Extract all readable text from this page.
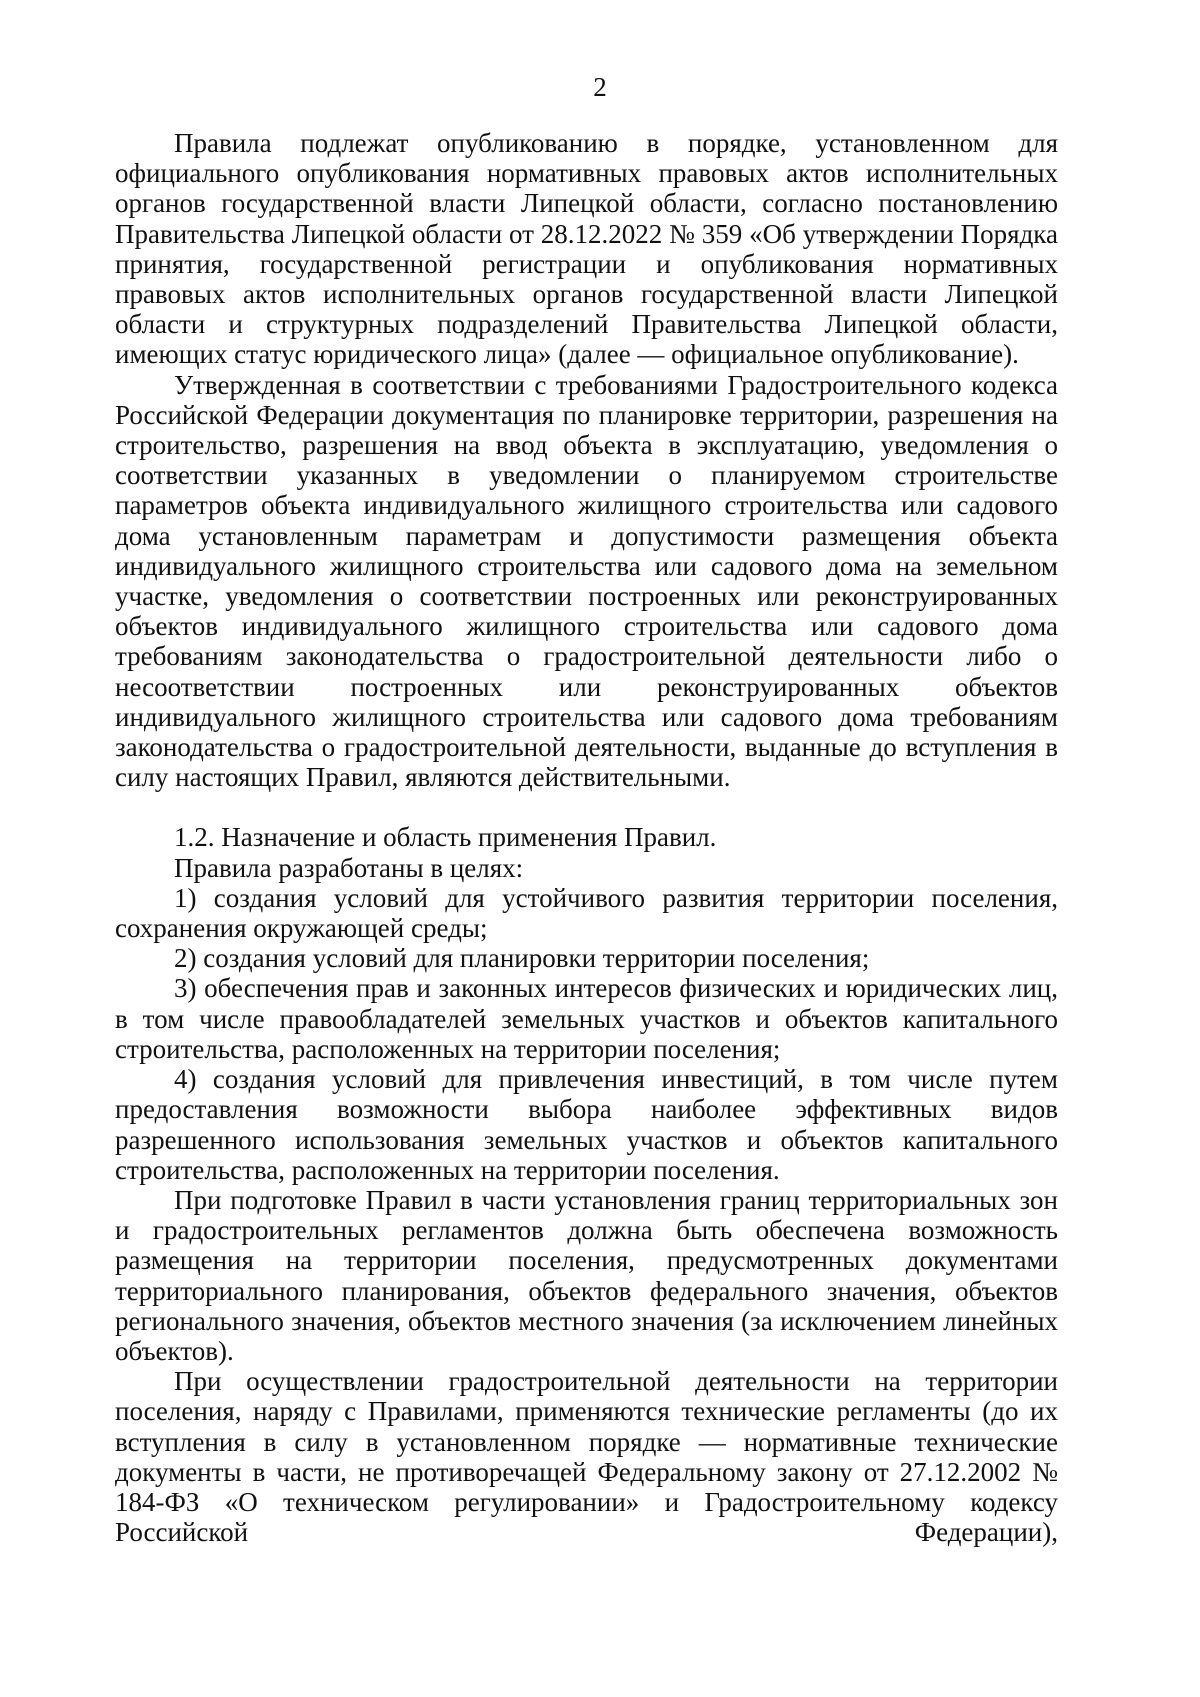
2

Правила подлежат опубликованию в порядке, установленном для официального опубликования нормативных правовых актов исполнительных органов государственной власти Липецкой области, согласно постановлению Правительства Липецкой области от 28.12.2022 № 359 «Об утверждении Порядка принятия, государственной регистрации и опубликования нормативных правовых актов исполнительных органов государственной власти Липецкой области и структурных подразделений Правительства Липецкой области, имеющих статус юридического лица» (далее — официальное опубликование).

Утвержденная в соответствии с требованиями Градостроительного кодекса Российской Федерации документация по планировке территории, разрешения на строительство, разрешения на ввод объекта в эксплуатацию, уведомления о соответствии указанных в уведомлении о планируемом строительстве параметров объекта индивидуального жилищного строительства или садового дома установленным параметрам и допустимости размещения объекта индивидуального жилищного строительства или садового дома на земельном участке, уведомления о соответствии построенных или реконструированных объектов индивидуального жилищного строительства или садового дома требованиям законодательства о градостроительной деятельности либо о несоответствии построенных или реконструированных объектов индивидуального жилищного строительства или садового дома требованиям законодательства о градостроительной деятельности, выданные до вступления в силу настоящих Правил, являются действительными.

1.2. Назначение и область применения Правил.

Правила разработаны в целях:

1) создания условий для устойчивого развития территории поселения, сохранения окружающей среды;

2) создания условий для планировки территории поселения;

3) обеспечения прав и законных интересов физических и юридических лиц, в том числе правообладателей земельных участков и объектов капитального строительства, расположенных на территории поселения;

4) создания условий для привлечения инвестиций, в том числе путем предоставления возможности выбора наиболее эффективных видов разрешенного использования земельных участков и объектов капитального строительства, расположенных на территории поселения.

При подготовке Правил в части установления границ территориальных зон и градостроительных регламентов должна быть обеспечена возможность размещения на территории поселения, предусмотренных документами территориального планирования, объектов федерального значения, объектов регионального значения, объектов местного значения (за исключением линейных объектов).

При осуществлении градостроительной деятельности на территории поселения, наряду с Правилами, применяются технические регламенты (до их вступления в силу в установленном порядке — нормативные технические документы в части, не противоречащей Федеральному закону от 27.12.2002 № 184-ФЗ «О техническом регулировании» и Градостроительному кодексу Российской Федерации),
